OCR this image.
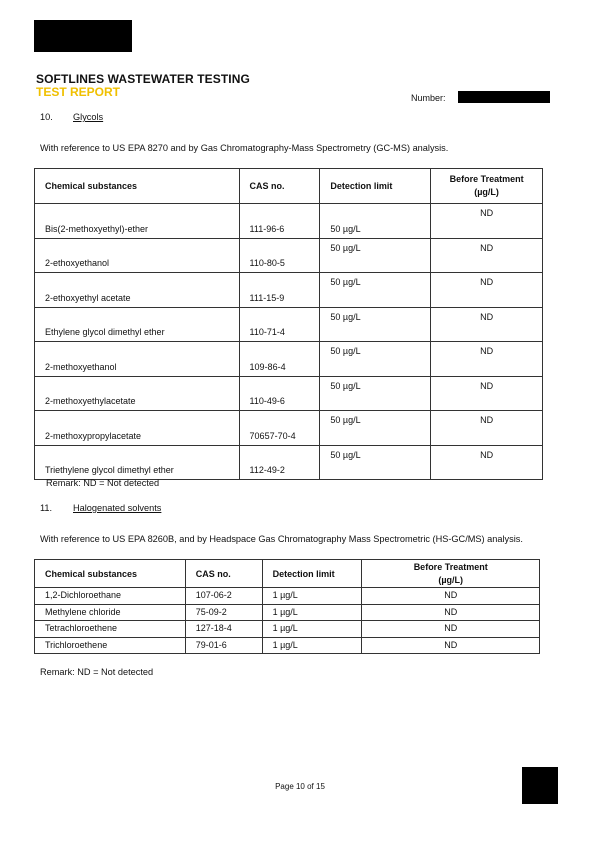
SOFTLINES WASTEWATER TESTING
TEST REPORT	Number:
10. Glycols
With reference to US EPA 8270 and by Gas Chromatography-Mass Spectrometry (GC-MS) analysis.
Chemical substances	CAS no.	Detection limit	Before Treatment
(µg/L)

Bis(2-methoxyethyl)-ether	111-96-6	50 µg/L	ND

2-ethoxyethanol	110-80-5	50 µg/L	ND

2-ethoxyethyl acetate	111-15-9	50 µg/L	ND

Ethylene glycol dimethyl ether	110-71-4	50 µg/L	ND

2-methoxyethanol	109-86-4	50 µg/L	ND

2-methoxyethylacetate	110-49-6	50 µg/L	ND

2-methoxypropylacetate	70657-70-4	50 µg/L	ND

Triethylene glycol dimethyl ether	112-49-2	50 µg/L	ND
Remark: ND = Not detected
11. Halogenated solvents
With reference to US EPA 8260B, and by Headspace Gas Chromatography Mass Spectrometric (HS-GC/MS) analysis.
Chemical substances	CAS no.	Detection limit	Before Treatment
(µg/L)
1,2-Dichloroethane	107-06-2	1 µg/L	ND
Methylene chloride	75-09-2	1 µg/L	ND
Tetrachloroethene	127-18-4	1 µg/L	ND
Trichloroethene	79-01-6	1 µg/L	ND
Remark: ND = Not detected
Page 10 of 15
